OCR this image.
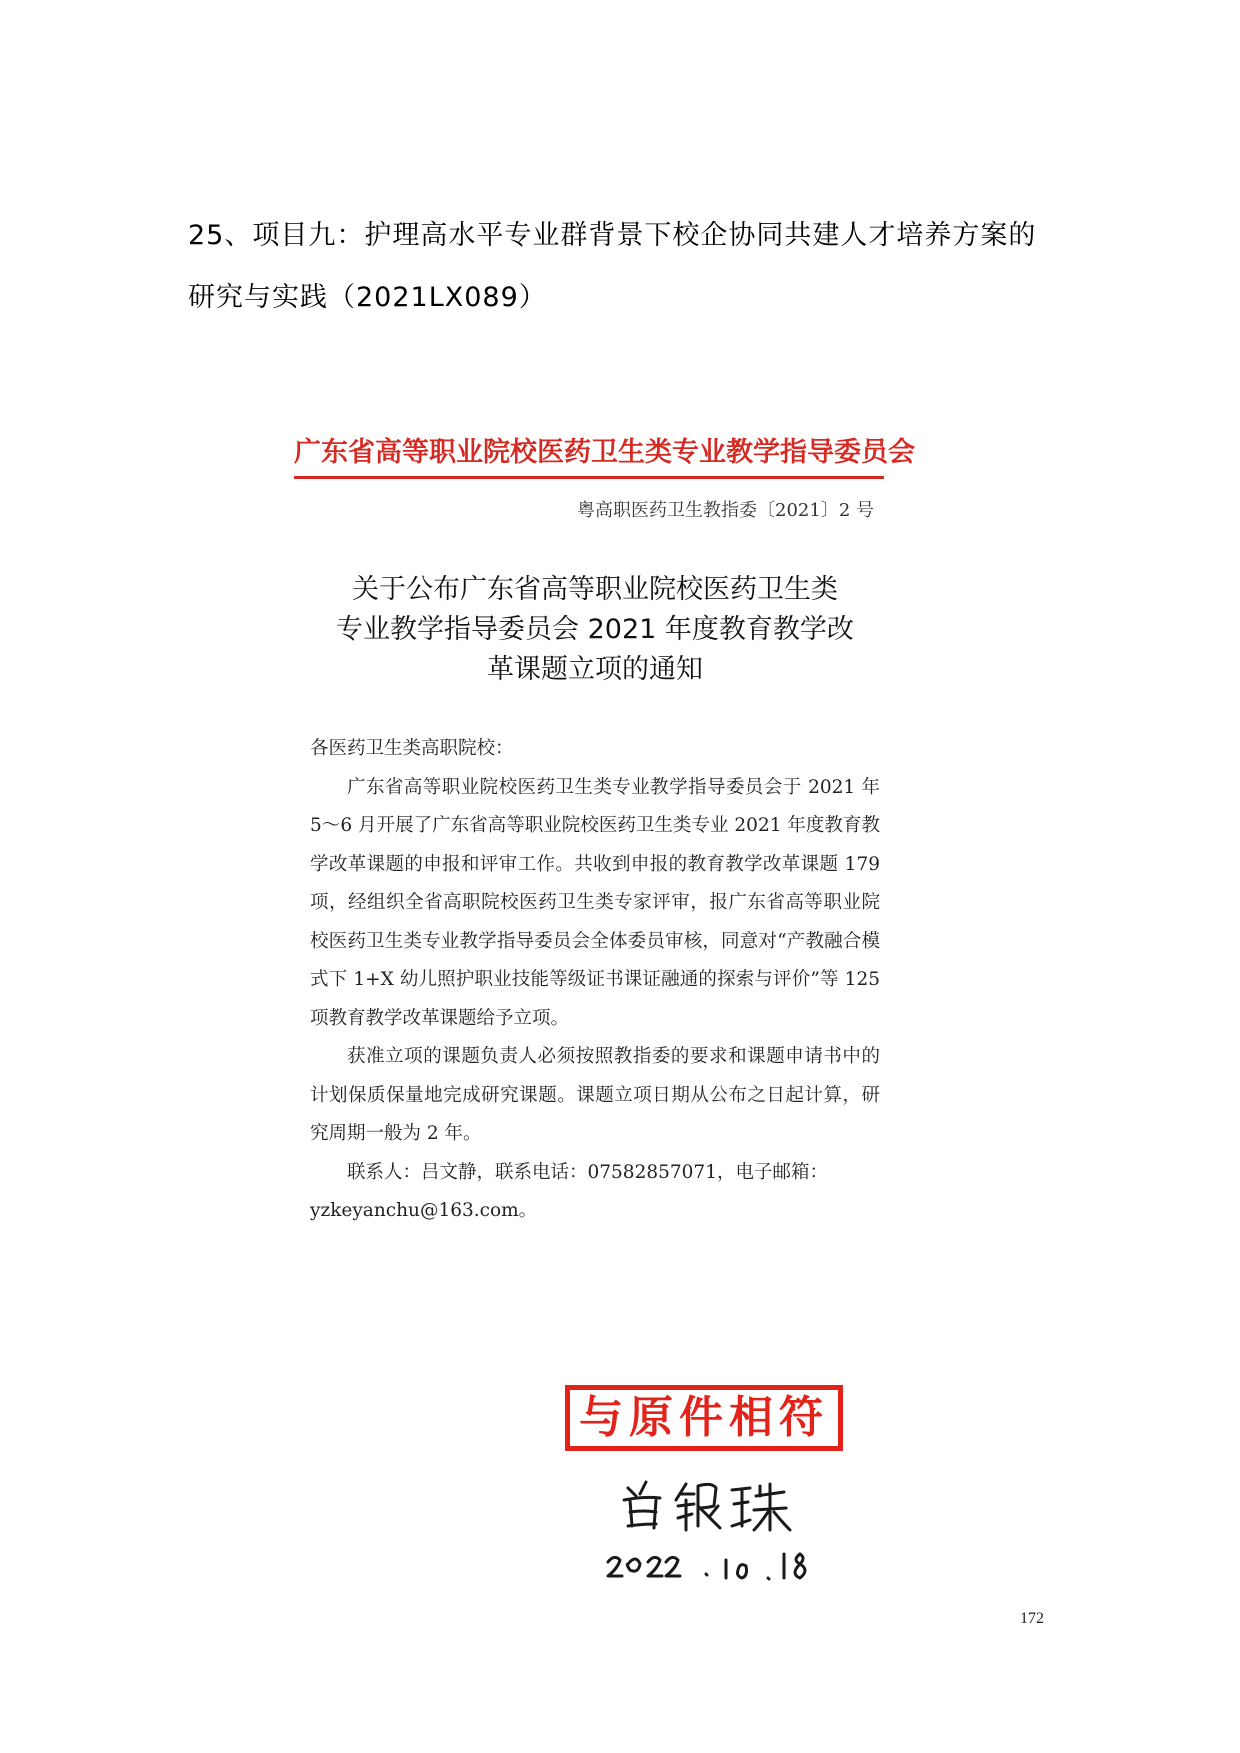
25、项目九：护理高水平专业群背景下校企协同共建人才培养方案的
研究与实践（2021LX089）
广东省高等职业院校医药卫生类专业教学指导委员会
粤高职医药卫生教指委〔2021〕2 号
关于公布广东省高等职业院校医药卫生类
专业教学指导委员会 2021 年度教育教学改
革课题立项的通知

各医药卫生类高职院校：

广东省高等职业院校医药卫生类专业教学指导委员会于 2021 年 5～6 月开展了广东省高等职业院校医药卫生类专业 2021 年度教育教学改革课题的申报和评审工作。共收到申报的教育教学改革课题 179 项，经组织全省高职院校医药卫生类专家评审，报广东省高等职业院校医药卫生类专业教学指导委员会全体委员审核，同意对“产教融合模式下 1+X 幼儿照护职业技能等级证书课证融通的探索与评价”等 125 项教育教学改革课题给予立项。

获准立项的课题负责人必须按照教指委的要求和课题申请书中的计划保质保量地完成研究课题。课题立项日期从公布之日起计算，研究周期一般为 2 年。

联系人：吕文静，联系电话：07582857071，电子邮箱：

yzkeyanchu@163.com。

与原件相符
172
